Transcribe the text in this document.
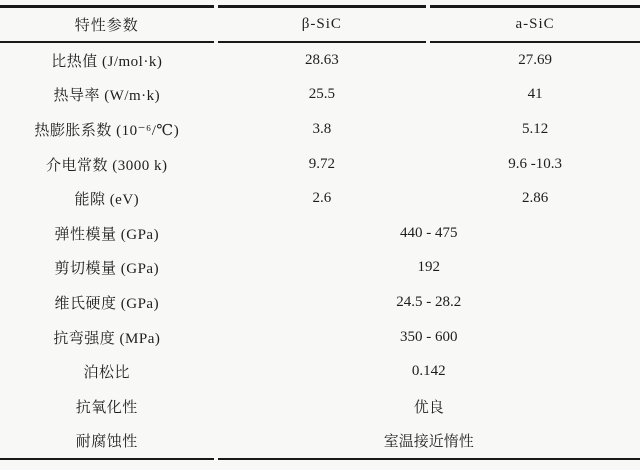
特性参数	β-SiC	a-SiC
比热值 (J/mol·k)	28.63	27.69
热导率 (W/m·k)	25.5	41
热膨胀系数 (10⁻⁶/℃)	3.8	5.12
介电常数 (3000 k)	9.72	9.6 -10.3
能隙 (eV)	2.6	2.86
弹性模量 (GPa)	440 - 475	
剪切模量 (GPa)	192	
维氏硬度 (GPa)	24.5 - 28.2	
抗弯强度 (MPa)	350 - 600	
泊松比	0.142	
抗氧化性	优良	
耐腐蚀性	室温接近惰性	
